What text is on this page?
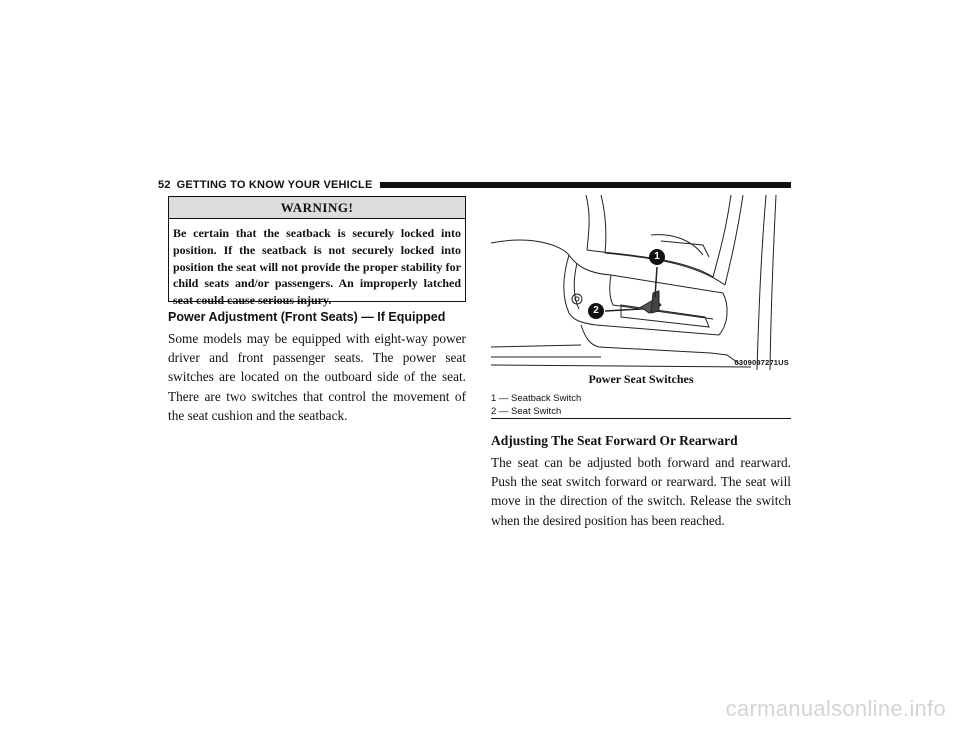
52 GETTING TO KNOW YOUR VEHICLE
WARNING!
Be certain that the seatback is securely locked into position. If the seatback is not securely locked into position the seat will not provide the proper stability for child seats and/or passengers. An improperly latched seat could cause serious injury.
Power Adjustment (Front Seats) — If Equipped
Some models may be equipped with eight-way power driver and front passenger seats. The power seat switches are located on the outboard side of the seat. There are two switches that control the movement of the seat cushion and the seatback.
1
2
0309097271US
Power Seat Switches
1 — Seatback Switch
2 — Seat Switch
Adjusting The Seat Forward Or Rearward
The seat can be adjusted both forward and rearward. Push the seat switch forward or rearward. The seat will move in the direction of the switch. Release the switch when the desired position has been reached.
carmanualsonline.info
